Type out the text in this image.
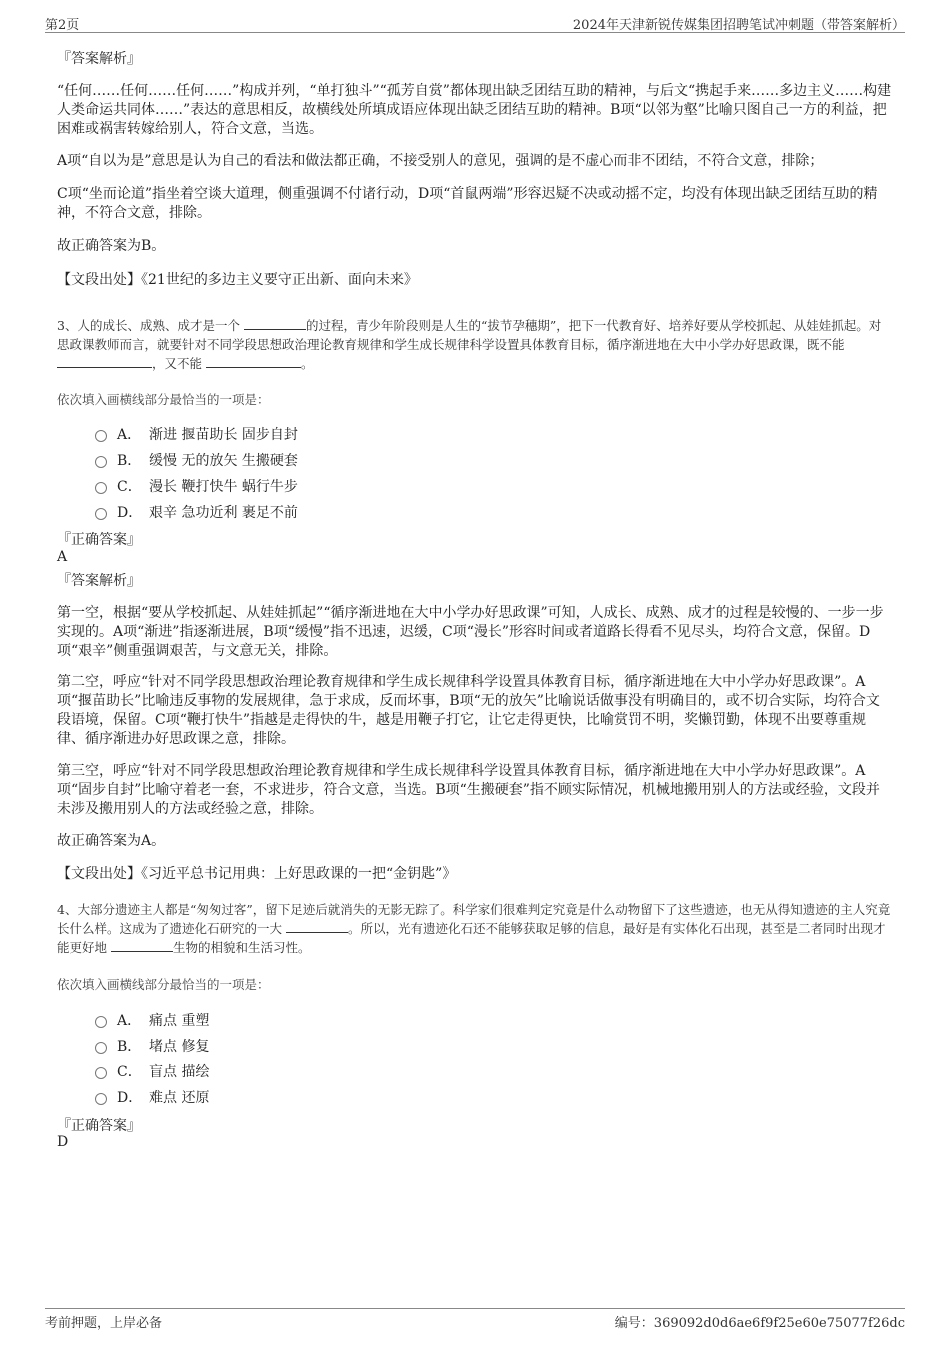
第2页	2024年天津新锐传媒集团招聘笔试冲刺题（带答案解析）
『答案解析』

“任何……任何……任何……”构成并列，“单打独斗”“孤芳自赏”都体现出缺乏团结互助的精神，与后文“携起手来……多边主义……构建人类命运共同体……”表达的意思相反，故横线处所填成语应体现出缺乏团结互助的精神。B项“以邻为壑”比喻只图自己一方的利益，把困难或祸害转嫁给别人，符合文意，当选。

A项“自以为是”意思是认为自己的看法和做法都正确，不接受别人的意见，强调的是不虚心而非不团结，不符合文意，排除；

C项“坐而论道”指坐着空谈大道理，侧重强调不付诸行动，D项“首鼠两端”形容迟疑不决或动摇不定，均没有体现出缺乏团结互助的精神，不符合文意，排除。

故正确答案为B。

【文段出处】《21世纪的多边主义要守正出新、面向未来》

3、人的成长、成熟、成才是一个	的过程，青少年阶段则是人生的“拔节孕穗期”，把下一代教育好、培养好要从学校抓起、从娃娃抓起。对思政课教师而言，就要针对不同学段思想政治理论教育规律和学生成长规律科学设置具体教育目标，循序渐进地在大中小学办好思政课，既不能 ，又不能	。

依次填入画横线部分最恰当的一项是：
A． 渐进 揠苗助长 固步自封
B． 缓慢 无的放矢 生搬硬套
C． 漫长 鞭打快牛 蜗行牛步
D． 艰辛 急功近利 裹足不前
『正确答案』
A
『答案解析』

第一空，根据“要从学校抓起、从娃娃抓起”“循序渐进地在大中小学办好思政课”可知，人成长、成熟、成才的过程是较慢的、一步一步实现的。A项“渐进”指逐渐进展，B项“缓慢”指不迅速，迟缓，C项“漫长”形容时间或者道路长得看不见尽头，均符合文意，保留。D项“艰辛”侧重强调艰苦，与文意无关，排除。

第二空，呼应“针对不同学段思想政治理论教育规律和学生成长规律科学设置具体教育目标，循序渐进地在大中小学办好思政课”。A项“揠苗助长”比喻违反事物的发展规律，急于求成，反而坏事，B项“无的放矢”比喻说话做事没有明确目的，或不切合实际，均符合文段语境，保留。C项“鞭打快牛”指越是走得快的牛，越是用鞭子打它，让它走得更快，比喻赏罚不明，奖懒罚勤，体现不出要尊重规律、循序渐进办好思政课之意，排除。

第三空，呼应“针对不同学段思想政治理论教育规律和学生成长规律科学设置具体教育目标，循序渐进地在大中小学办好思政课”。A项“固步自封”比喻守着老一套，不求进步，符合文意，当选。B项“生搬硬套”指不顾实际情况，机械地搬用别人的方法或经验，文段并未涉及搬用别人的方法或经验之意，排除。

故正确答案为A。

【文段出处】《习近平总书记用典：上好思政课的一把“金钥匙”》

4、大部分遗迹主人都是“匆匆过客”，留下足迹后就消失的无影无踪了。科学家们很难判定究竟是什么动物留下了这些遗迹，也无从得知遗迹的主人究竟长什么样。这成为了遗迹化石研究的一大	。所以，光有遗迹化石还不能够获取足够的信息，最好是有实体化石出现，甚至是二者同时出现才能更好地	生物的相貌和生活习性。

依次填入画横线部分最恰当的一项是：
A． 痛点 重塑
B． 堵点 修复
C． 盲点 描绘
D． 难点 还原
『正确答案』
D
考前押题，上岸必备	编号：369092d0d6ae6f9f25e60e75077f26dc
